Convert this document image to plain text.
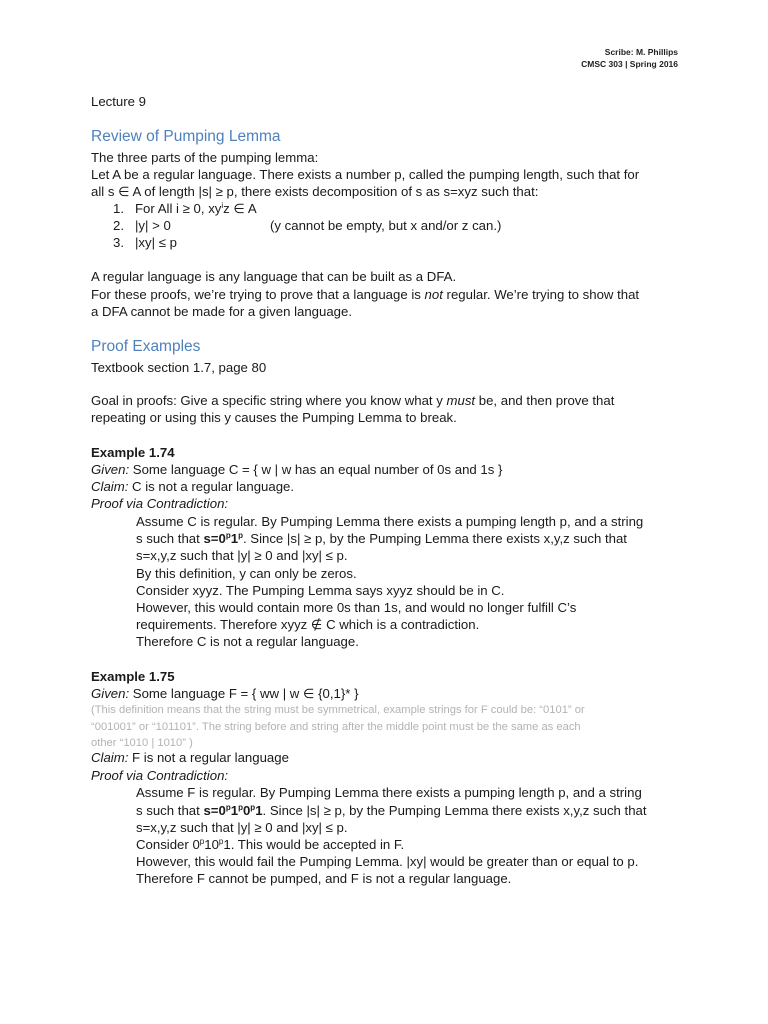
Scribe: M. Phillips
CMSC 303 | Spring 2016
Lecture 9
Review of Pumping Lemma
The three parts of the pumping lemma:
Let A be a regular language. There exists a number p, called the pumping length, such that for
all s ∈ A of length |s| ≥ p, there exists decomposition of s as s=xyz such that:
1. For All i ≥ 0, $xy^iz$ ∈ A
2. |y| > 0	(y cannot be empty, but x and/or z can.)
3. |xy| ≤ p
A regular language is any language that can be built as a DFA.
For these proofs, we’re trying to prove that a language is not regular. We’re trying to show that
a DFA cannot be made for a given language.
Proof Examples
Textbook section 1.7, page 80
Goal in proofs: Give a specific string where you know what y must be, and then prove that
repeating or using this y causes the Pumping Lemma to break.
Example 1.74
Given: Some language C = { w | w has an equal number of 0s and 1s }
Claim: C is not a regular language.
Proof via Contradiction:
Assume C is regular. By Pumping Lemma there exists a pumping length p, and a string
s such that $s=0^p1^p$. Since |s| ≥ p, by the Pumping Lemma there exists x,y,z such that
s=x,y,z such that |y| ≥ 0 and |xy| ≤ p.
By this definition, y can only be zeros.
Consider xyyz. The Pumping Lemma says xyyz should be in C.
However, this would contain more 0s than 1s, and would no longer fulfill C’s
requirements. Therefore xyyz ∉ C which is a contradiction.
Therefore C is not a regular language.
Example 1.75
Given: Some language F = { ww | w ∈ {0,1}* }
(This definition means that the string must be symmetrical, example strings for F could be: “0101” or
“001001” or “101101”. The string before and string after the middle point must be the same as each
other “1010 | 1010” )
Claim: F is not a regular language
Proof via Contradiction:
Assume F is regular. By Pumping Lemma there exists a pumping length p, and a string
s such that $s=0^p1^p0^p1$. Since |s| ≥ p, by the Pumping Lemma there exists x,y,z such that
s=x,y,z such that |y| ≥ 0 and |xy| ≤ p.
Consider 0$^p$10$^p$1. This would be accepted in F.
However, this would fail the Pumping Lemma. |xy| would be greater than or equal to p.
Therefore F cannot be pumped, and F is not a regular language.
